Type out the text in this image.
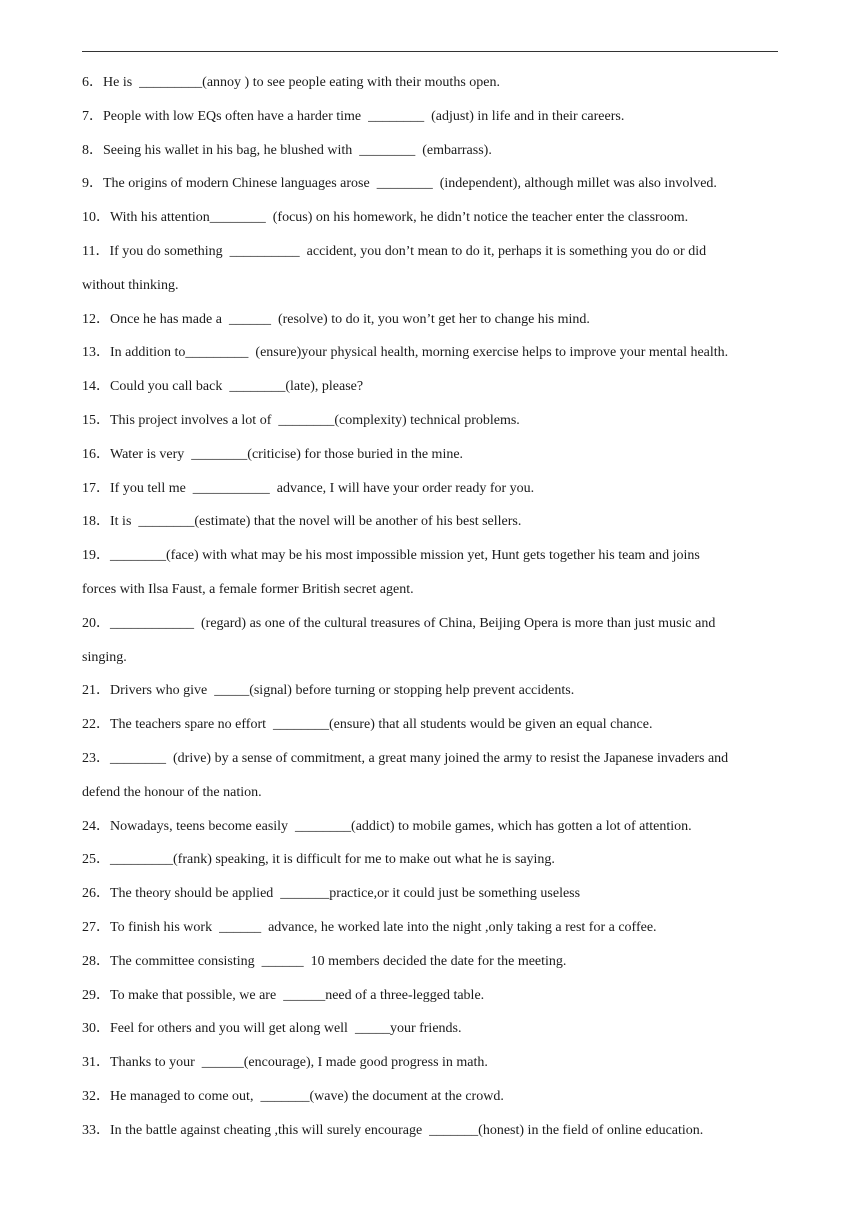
6．He is  _________(annoy ) to see people eating with their mouths open.
7．People with low EQs often have a harder time  ________  (adjust) in life and in their careers.
8．Seeing his wallet in his bag, he blushed with  ________  (embarrass).
9．The origins of modern Chinese languages arose  ________  (independent), although millet was also involved.
10．With his attention________  (focus) on his homework, he didn’t notice the teacher enter the classroom.
11．If you do something  __________  accident, you don’t mean to do it, perhaps it is something you do or did
without thinking.
12．Once he has made a  ______  (resolve) to do it, you won’t get her to change his mind.
13．In addition to_________  (ensure)your physical health, morning exercise helps to improve your mental health.
14．Could you call back  ________(late), please?
15．This project involves a lot of  ________(complexity) technical problems.
16．Water is very  ________(criticise) for those buried in the mine.
17．If you tell me  ___________  advance, I will have your order ready for you.
18．It is  ________(estimate) that the novel will be another of his best sellers.
19．________(face) with what may be his most impossible mission yet, Hunt gets together his team and joins
forces with Ilsa Faust, a female former British secret agent.
20．____________  (regard) as one of the cultural treasures of China, Beijing Opera is more than just music and
singing.
21．Drivers who give  _____(signal) before turning or stopping help prevent accidents.
22．The teachers spare no effort  ________(ensure) that all students would be given an equal chance.
23．________  (drive) by a sense of commitment, a great many joined the army to resist the Japanese invaders and
defend the honour of the nation.
24．Nowadays, teens become easily  ________(addict) to mobile games, which has gotten a lot of attention.
25．_________(frank) speaking, it is difficult for me to make out what he is saying.
26．The theory should be applied  _______practice,or it could just be something useless
27．To finish his work  ______  advance, he worked late into the night ,only taking a rest for a coffee.
28．The committee consisting  ______  10 members decided the date for the meeting.
29．To make that possible, we are  ______need of a three-legged table.
30．Feel for others and you will get along well  _____your friends.
31．Thanks to your  ______(encourage), I made good progress in math.
32．He managed to come out,  _______(wave) the document at the crowd.
33．In the battle against cheating ,this will surely encourage  _______(honest) in the field of online education.
